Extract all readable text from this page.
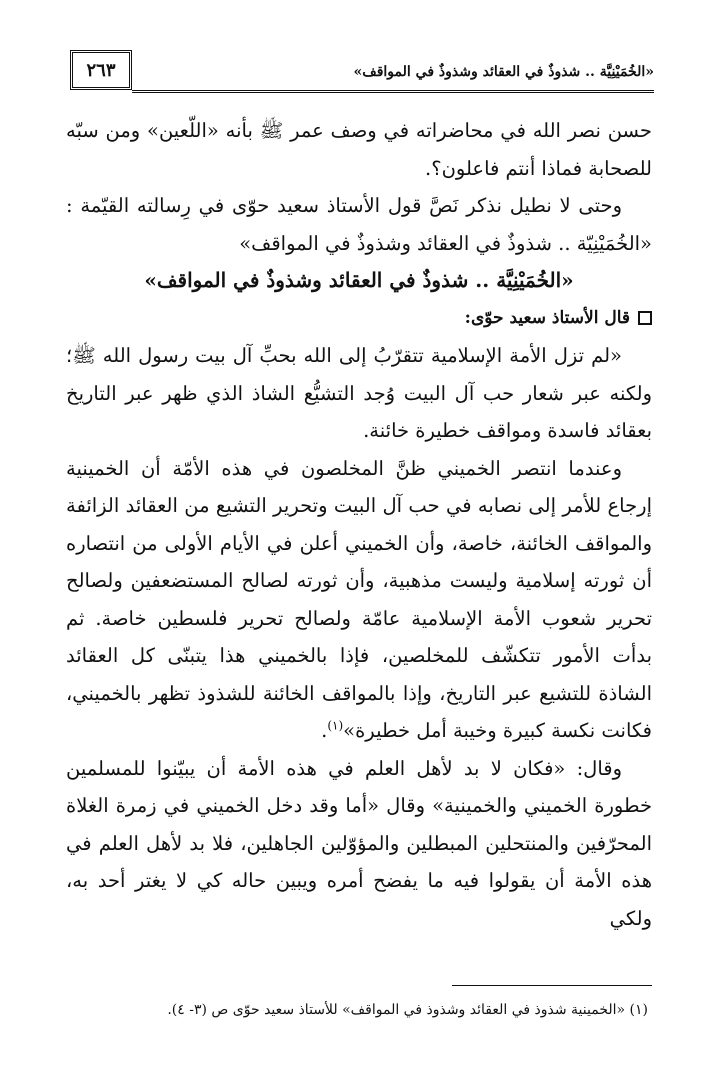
٢٦٣	«الخُمَيْنِيَّة .. شذوذٌ في العقائد وشذوذٌ في المواقف»

حسن نصر الله في محاضراته في وصف عمر ﷺ بأنه «اللّعين» ومن سبّه للصحابة فماذا أنتم فاعلون؟.

وحتى لا نطيل نذكر نَصَّ قول الأستاذ سعيد حوّى في رِسالته القيّمة : «الخُمَيْنِيّة .. شذوذٌ في العقائد وشذوذٌ في المواقف»

«الخُمَيْنِيَّة .. شذوذٌ في العقائد وشذوذٌ في المواقف»

قال الأستاذ سعيد حوّى:

«لم تزل الأمة الإسلامية تتقرّبُ إلى الله بحبِّ آل بيت رسول الله ﷺ؛ ولكنه عبر شعار حب آل البيت وُجد التشيُّع الشاذ الذي ظهر عبر التاريخ بعقائد فاسدة ومواقف خطيرة خائنة.

وعندما انتصر الخميني ظنَّ المخلصون في هذه الأمّة أن الخمينية إرجاع للأمر إلى نصابه في حب آل البيت وتحرير التشيع من العقائد الزائفة والمواقف الخائنة، خاصة، وأن الخميني أعلن في الأيام الأولى من انتصاره أن ثورته إسلامية وليست مذهبية، وأن ثورته لصالح المستضعفين ولصالح تحرير شعوب الأمة الإسلامية عامّة ولصالح تحرير فلسطين خاصة. ثم بدأت الأمور تتكشّف للمخلصين، فإذا بالخميني هذا يتبنّى كل العقائد الشاذة للتشيع عبر التاريخ، وإذا بالمواقف الخائنة للشذوذ تظهر بالخميني، فكانت نكسة كبيرة وخيبة أمل خطيرة»$^{(١)}$.

وقال: «فكان لا بد لأهل العلم في هذه الأمة أن يبيّنوا للمسلمين خطورة الخميني والخمينية» وقال «أما وقد دخل الخميني في زمرة الغلاة المحرّفين والمنتحلين المبطلين والمؤوّلين الجاهلين، فلا بد لأهل العلم في هذه الأمة أن يقولوا فيه ما يفضح أمره ويبين حاله كي لا يغتر أحد به، ولكي

(١) «الخمينية شذوذ في العقائد وشذوذ في المواقف» للأستاذ سعيد حوّى ص (٣- ٤).
